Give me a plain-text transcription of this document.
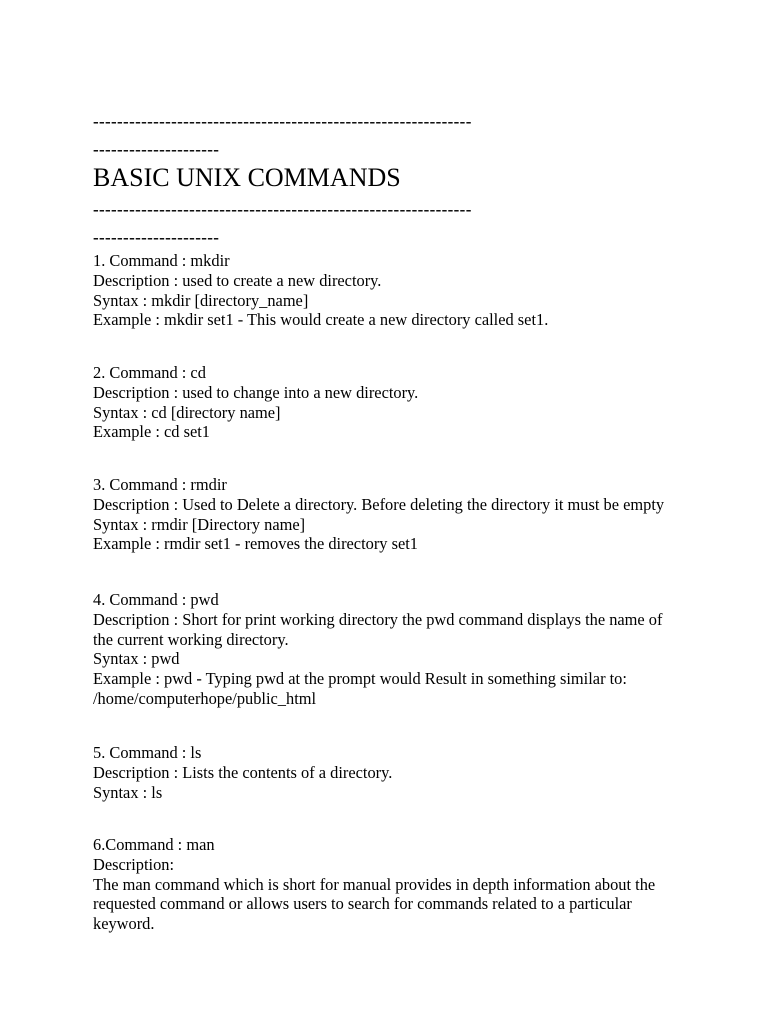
---------------------------------------------------------------
---------------------
BASIC UNIX COMMANDS
---------------------------------------------------------------
---------------------
1. Command : mkdir
Description : used to create a new directory.
Syntax : mkdir [directory_name]
Example : mkdir set1 - This would create a new directory called set1.
2. Command : cd
Description : used to change into a new directory.
Syntax : cd [directory name]
Example : cd set1
3. Command : rmdir
Description : Used to Delete a directory. Before deleting the directory it must be empty
Syntax : rmdir [Directory name]
Example : rmdir set1 - removes the directory set1
4. Command : pwd
Description : Short for print working directory the pwd command displays the name of the current working directory.
Syntax : pwd
Example : pwd - Typing pwd at the prompt would Result in something similar to:
/home/computerhope/public_html
5. Command : ls
Description : Lists the contents of a directory.
Syntax : ls
6.Command : man
Description:
The man command which is short for manual provides in depth information about the requested command or allows users to search for commands related to a particular keyword.
